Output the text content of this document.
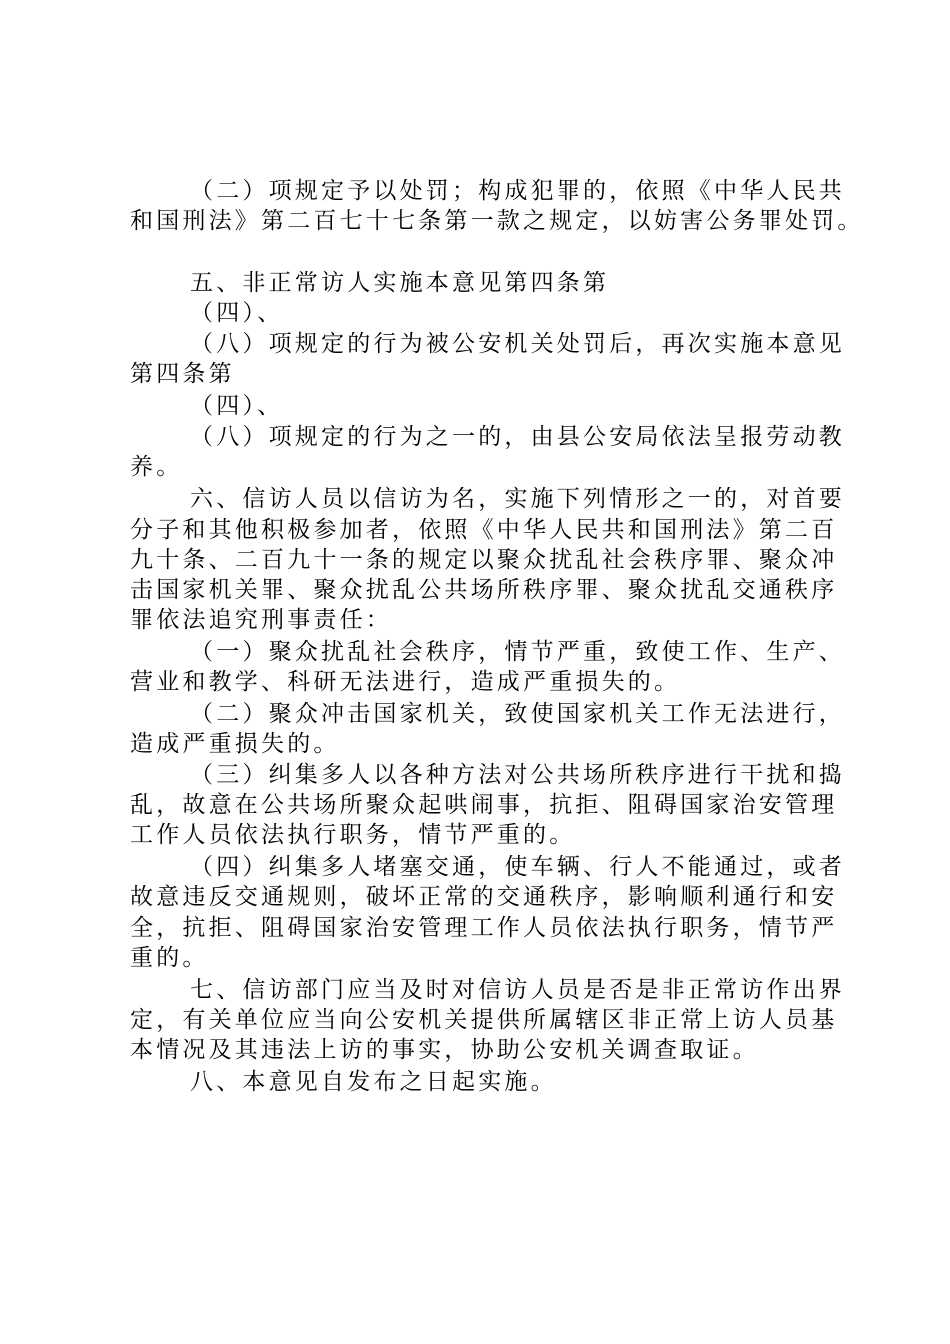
（二）项规定予以处罚；构成犯罪的，依照《中华人民共
和国刑法》第二百七十七条第一款之规定，以妨害公务罪处罚。
五、非正常访人实施本意见第四条第
（四）、
（八）项规定的行为被公安机关处罚后，再次实施本意见
第四条第
（四）、
（八）项规定的行为之一的，由县公安局依法呈报劳动教
养。
六、信访人员以信访为名，实施下列情形之一的，对首要
分子和其他积极参加者，依照《中华人民共和国刑法》第二百
九十条、二百九十一条的规定以聚众扰乱社会秩序罪、聚众冲
击国家机关罪、聚众扰乱公共场所秩序罪、聚众扰乱交通秩序
罪依法追究刑事责任：
（一）聚众扰乱社会秩序，情节严重，致使工作、生产、
营业和教学、科研无法进行，造成严重损失的。
（二）聚众冲击国家机关，致使国家机关工作无法进行，
造成严重损失的。
（三）纠集多人以各种方法对公共场所秩序进行干扰和捣
乱，故意在公共场所聚众起哄闹事，抗拒、阻碍国家治安管理
工作人员依法执行职务，情节严重的。
（四）纠集多人堵塞交通，使车辆、行人不能通过，或者
故意违反交通规则，破坏正常的交通秩序，影响顺利通行和安
全，抗拒、阻碍国家治安管理工作人员依法执行职务，情节严
重的。
七、信访部门应当及时对信访人员是否是非正常访作出界
定，有关单位应当向公安机关提供所属辖区非正常上访人员基
本情况及其违法上访的事实，协助公安机关调查取证。
八、本意见自发布之日起实施。
